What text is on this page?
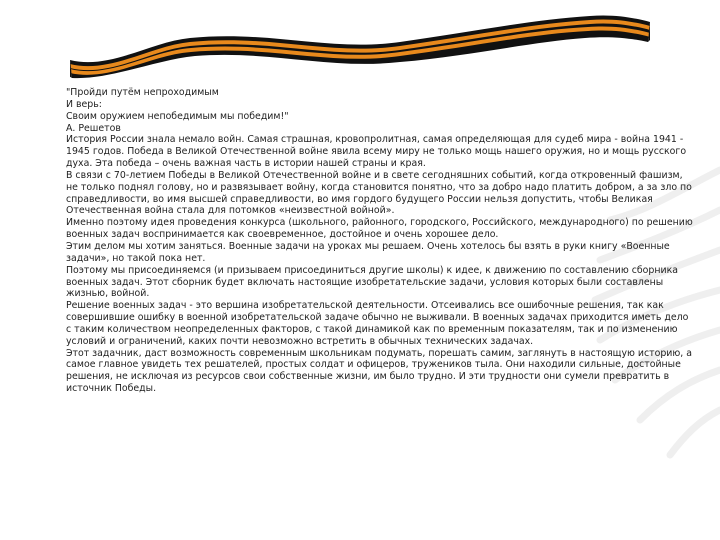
"Пройди путём непроходимым

И верь:

Своим оружием непобедимым мы победим!"

А. Решетов

История России знала немало войн. Самая страшная, кровопролитная, самая определяющая для судеб мира - война 1941 - 1945 годов. Победа в Великой Отечественной войне явила всему миру не только мощь нашего оружия, но и мощь русского духа. Эта победа – очень важная часть в истории нашей страны и края.

В связи с 70-летием Победы в Великой Отечественной войне и в свете сегодняшних событий, когда откровенный фашизм, не только поднял голову, но и развязывает войну, когда становится понятно, что за добро надо платить добром, а за зло по справедливости, во имя высшей справедливости, во имя гордого будущего России нельзя допустить, чтобы Великая Отечественная война стала для потомков «неизвестной войной».

Именно поэтому идея проведения конкурса (школьного, районного, городского, Российского, международного) по решению военных задач воспринимается как своевременное, достойное и очень хорошее дело.

Этим делом мы хотим заняться. Военные задачи на уроках мы решаем. Очень хотелось бы взять в руки книгу «Военные задачи», но такой пока нет.

Поэтому мы присоединяемся (и призываем присоединиться другие школы) к идее, к движению по составлению сборника военных задач. Этот сборник будет включать настоящие изобретательские задачи, условия которых были составлены жизнью, войной.

Решение военных задач - это вершина изобретательской деятельности. Отсеивались все ошибочные решения, так как совершившие ошибку в военной изобретательской задаче обычно не выживали. В военных задачах приходится иметь дело с таким количеством неопределенных факторов, с такой динамикой как по временным показателям, так и по изменению условий и ограничений, каких почти невозможно встретить в обычных технических задачах.

Этот задачник, даст возможность современным школьникам подумать, порешать самим, заглянуть в настоящую историю, а самое главное увидеть тех решателей, простых солдат и офицеров, тружеников тыла. Они находили сильные, достойные решения, не исключая из ресурсов свои собственные жизни, им было трудно. И эти трудности они сумели превратить в источник Победы.
